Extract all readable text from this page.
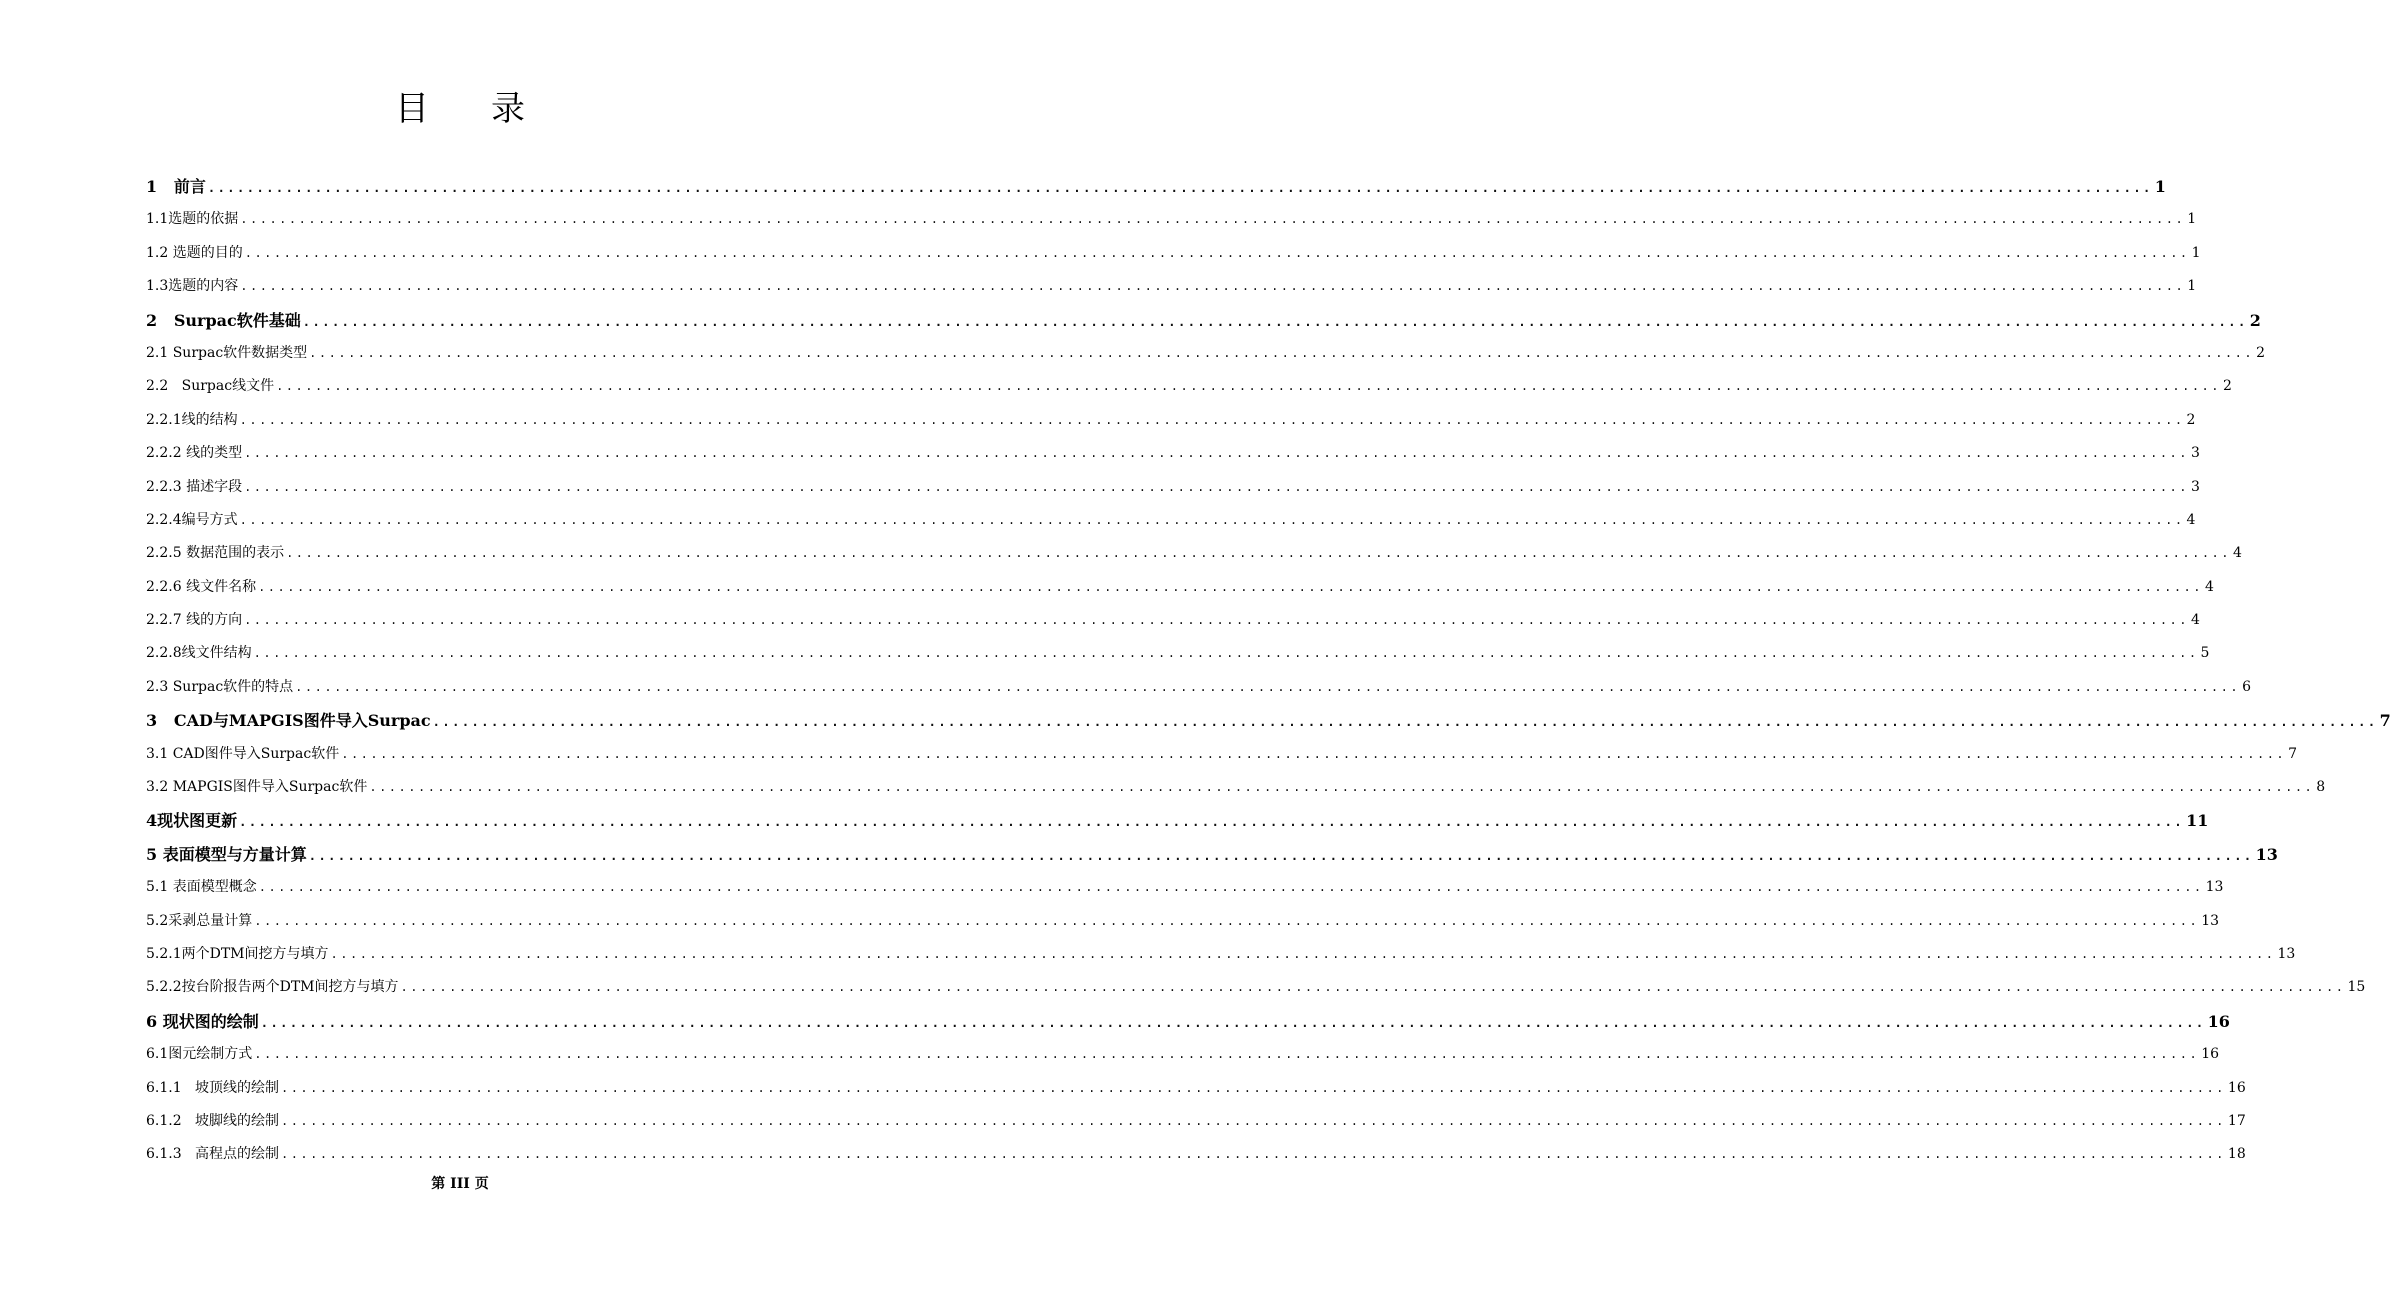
目录
1   前言 ........................................................................................................................................................................................................ 1
1.1选题的依据 ........................................................................................................................................................................................................ 1
1.2 选题的目的 ........................................................................................................................................................................................................ 1
1.3选题的内容 ........................................................................................................................................................................................................ 1
2   Surpac软件基础 ........................................................................................................................................................................................................ 2
2.1 Surpac软件数据类型 ........................................................................................................................................................................................................ 2
2.2   Surpac线文件 ........................................................................................................................................................................................................ 2
2.2.1线的结构 ........................................................................................................................................................................................................ 2
2.2.2 线的类型 ........................................................................................................................................................................................................ 3
2.2.3 描述字段 ........................................................................................................................................................................................................ 3
2.2.4编号方式 ........................................................................................................................................................................................................ 4
2.2.5 数据范围的表示 ........................................................................................................................................................................................................ 4
2.2.6 线文件名称 ........................................................................................................................................................................................................ 4
2.2.7 线的方向 ........................................................................................................................................................................................................ 4
2.2.8线文件结构 ........................................................................................................................................................................................................ 5
2.3 Surpac软件的特点 ........................................................................................................................................................................................................ 6
3   CAD与MAPGIS图件导入Surpac ........................................................................................................................................................................................................ 7
3.1 CAD图件导入Surpac软件 ........................................................................................................................................................................................................ 7
3.2 MAPGIS图件导入Surpac软件 ........................................................................................................................................................................................................ 8
4现状图更新 ........................................................................................................................................................................................................ 11
5 表面模型与方量计算 ........................................................................................................................................................................................................ 13
5.1 表面模型概念 ........................................................................................................................................................................................................ 13
5.2采剥总量计算 ........................................................................................................................................................................................................ 13
5.2.1两个DTM间挖方与填方 ........................................................................................................................................................................................................ 13
5.2.2按台阶报告两个DTM间挖方与填方 ........................................................................................................................................................................................................ 15
6 现状图的绘制 ........................................................................................................................................................................................................ 16
6.1图元绘制方式 ........................................................................................................................................................................................................ 16
6.1.1   坡顶线的绘制 ........................................................................................................................................................................................................ 16
6.1.2   坡脚线的绘制 ........................................................................................................................................................................................................ 17
6.1.3   高程点的绘制 ........................................................................................................................................................................................................ 18
第 III 页
